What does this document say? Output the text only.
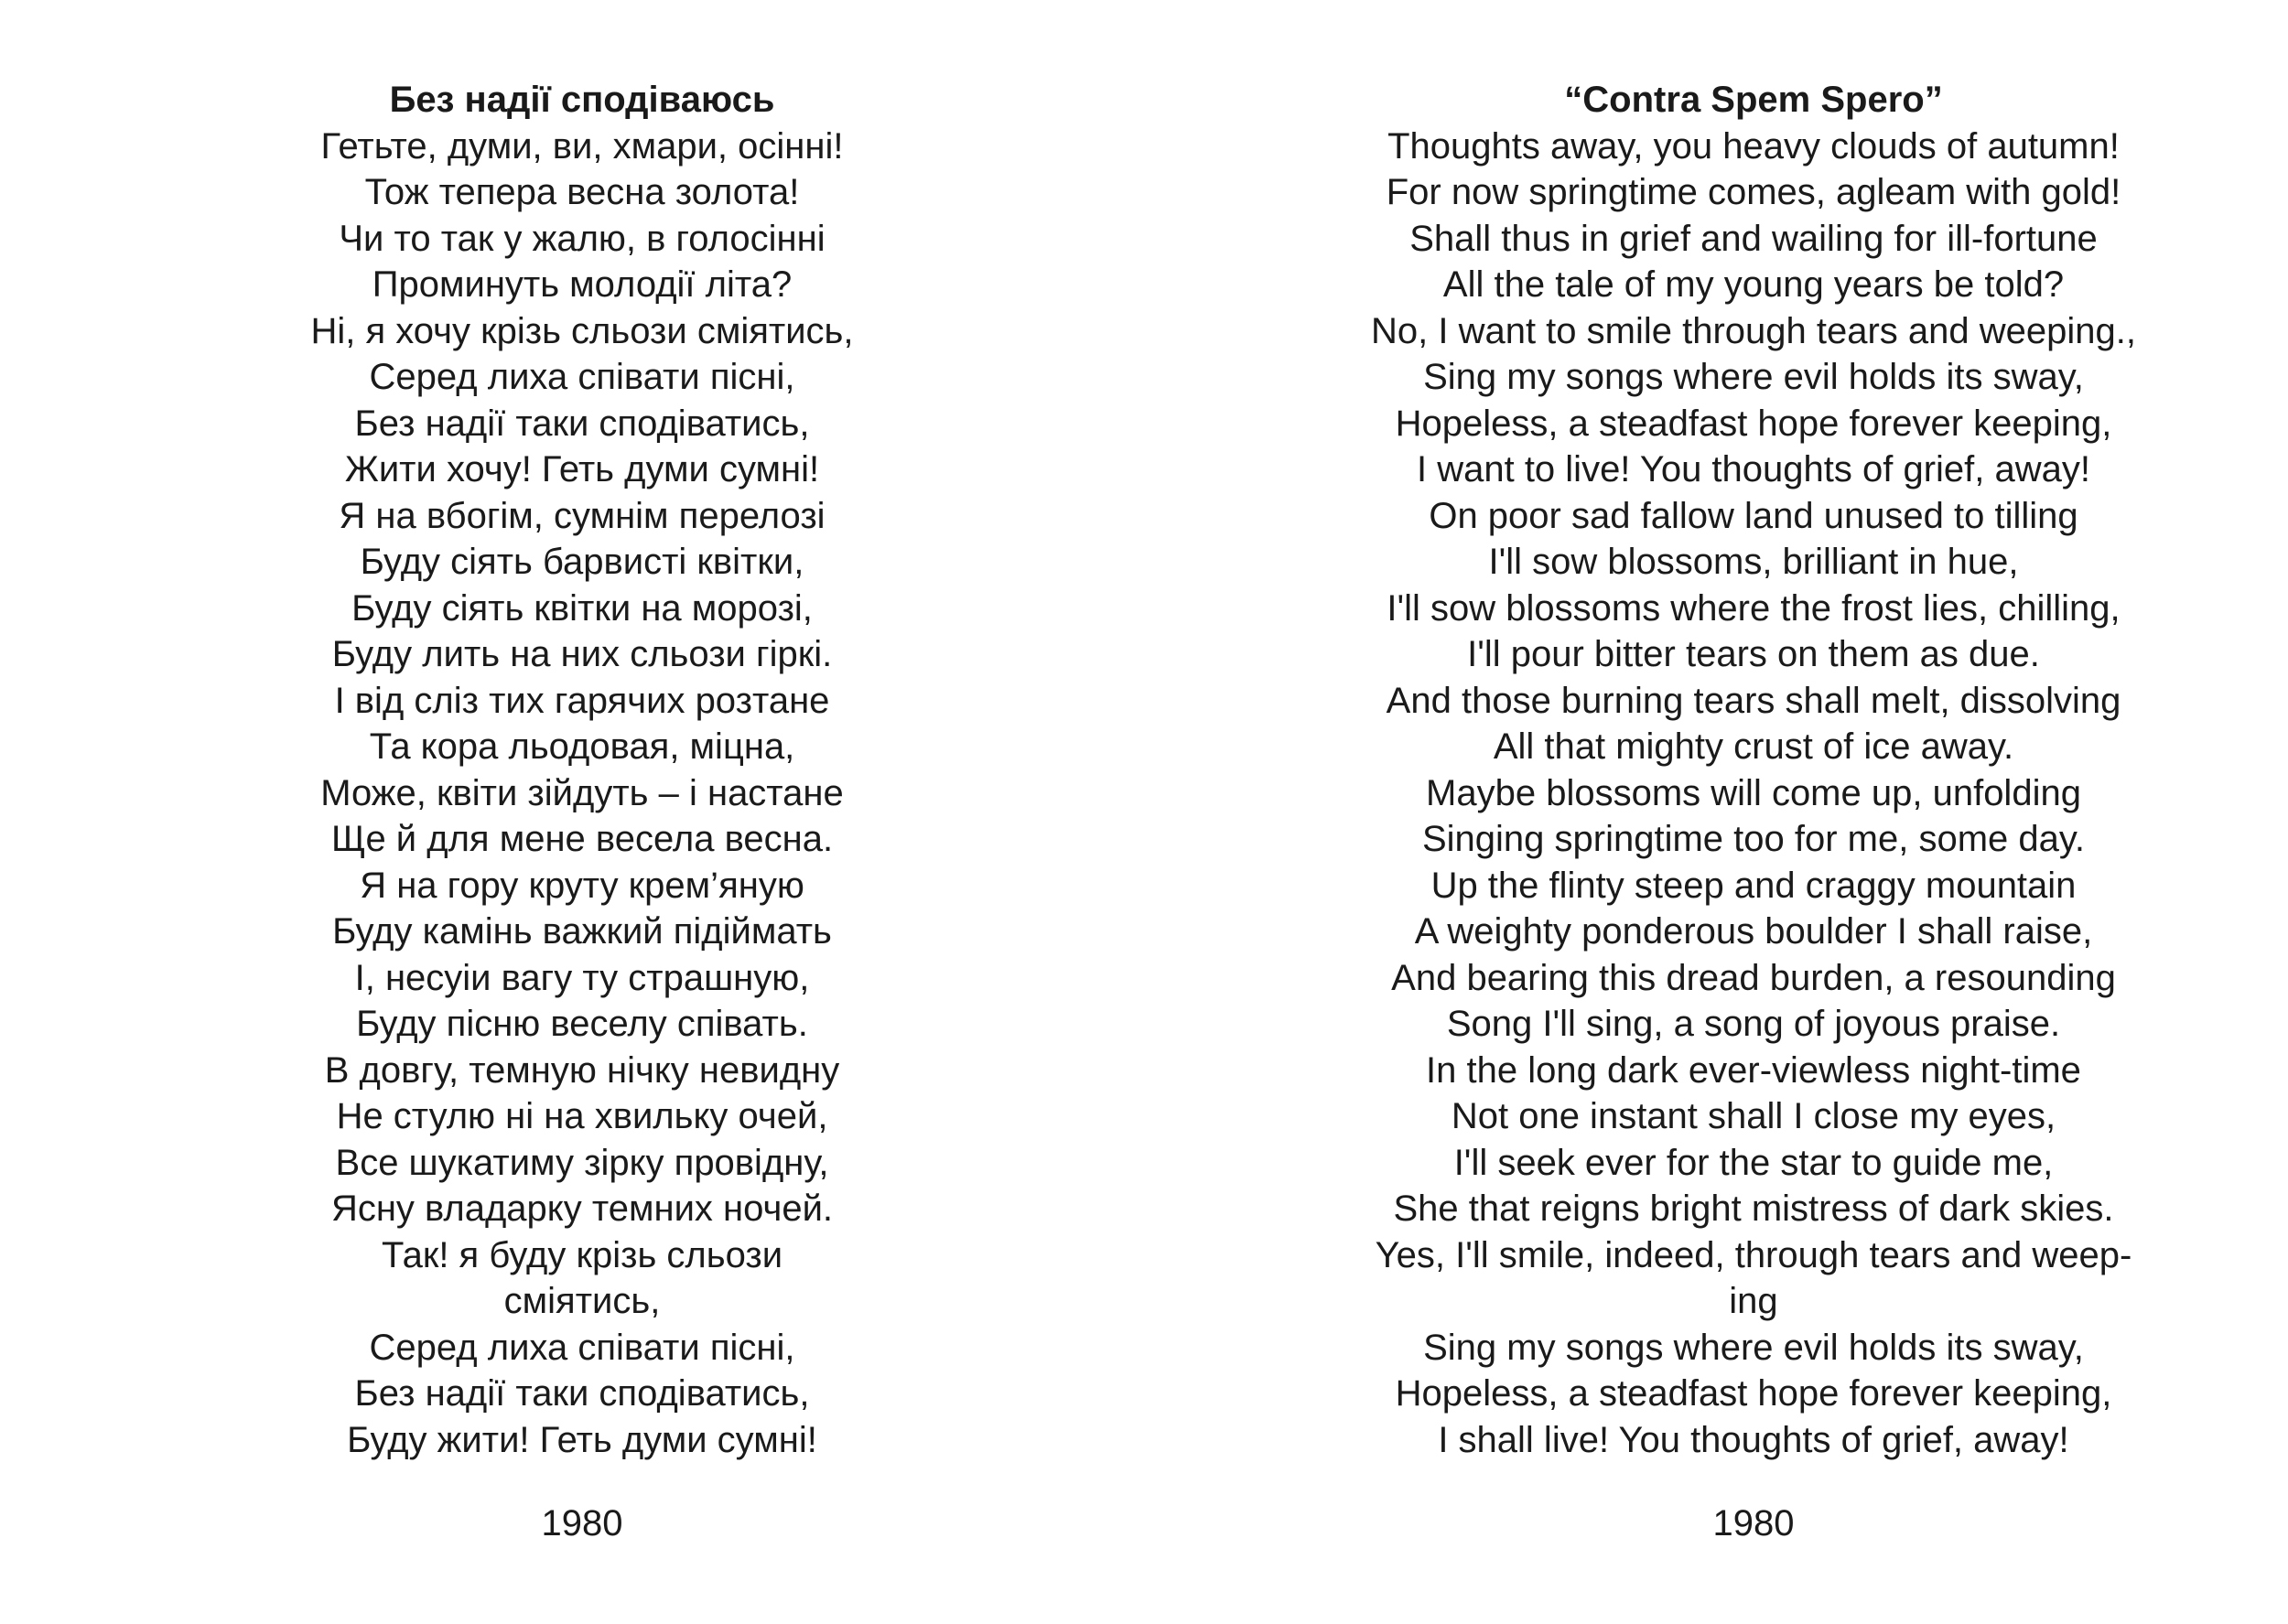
Без надії сподіваюсь
Гетьте, думи, ви, хмари, осінні!
Тож тепера весна золота!
Чи то так у жалю, в голосінні
Проминуть молодії літа?
Ні, я хочу крізь сльози сміятись,
Серед лиха співати пісні,
Без надії таки сподіватись,
Жити хочу! Геть думи сумні!
Я на вбогім, сумнім перелозі
Буду сіять барвисті квітки,
Буду сіять квітки на морозі,
Буду лить на них сльози гіркі.
І від сліз тих гарячих розтане
Та кора льодовая, міцна,
Може, квіти зійдуть – і настане
Ще й для мене весела весна.
Я на гору круту крем’яную
Буду камінь важкий підіймать
І, несуіи вагу ту страшную,
Буду пісню веселу співать.
В довгу, темную нічку невидну
Не стулю ні на хвильку очей,
Все шукатиму зірку провідну,
Ясну владарку темних ночей.
Так! я буду крізь сльози
сміятись,
Серед лиха співати пісні,
Без надії таки сподіватись,
Буду жити! Геть думи сумні!
“Contra Spem Spero”
Thoughts away, you heavy clouds of autumn!
For now springtime comes, agleam with gold!
Shall thus in grief and wailing for ill-fortune
All the tale of my young years be told?
No, I want to smile through tears and weeping.,
Sing my songs where evil holds its sway,
Hopeless, a steadfast hope forever keeping,
I want to live! You thoughts of grief, away!
On poor sad fallow land unused to tilling
I'll sow blossoms, brilliant in hue,
I'll sow blossoms where the frost lies, chilling,
I'll pour bitter tears on them as due.
And those burning tears shall melt, dissolving
All that mighty crust of ice away.
Maybe blossoms will come up, unfolding
Singing springtime too for me, some day.
Up the flinty steep and craggy mountain
A weighty ponderous boulder I shall raise,
And bearing this dread burden, a resounding
Song I'll sing, a song of joyous praise.
In the long dark ever-viewless night-time
Not one instant shall I close my eyes,
I'll seek ever for the star to guide me,
She that reigns bright mistress of dark skies.
Yes, I'll smile, indeed, through tears and weep-
ing
Sing my songs where evil holds its sway,
Hopeless, a steadfast hope forever keeping,
I shall live! You thoughts of grief, away!
1980	1980
